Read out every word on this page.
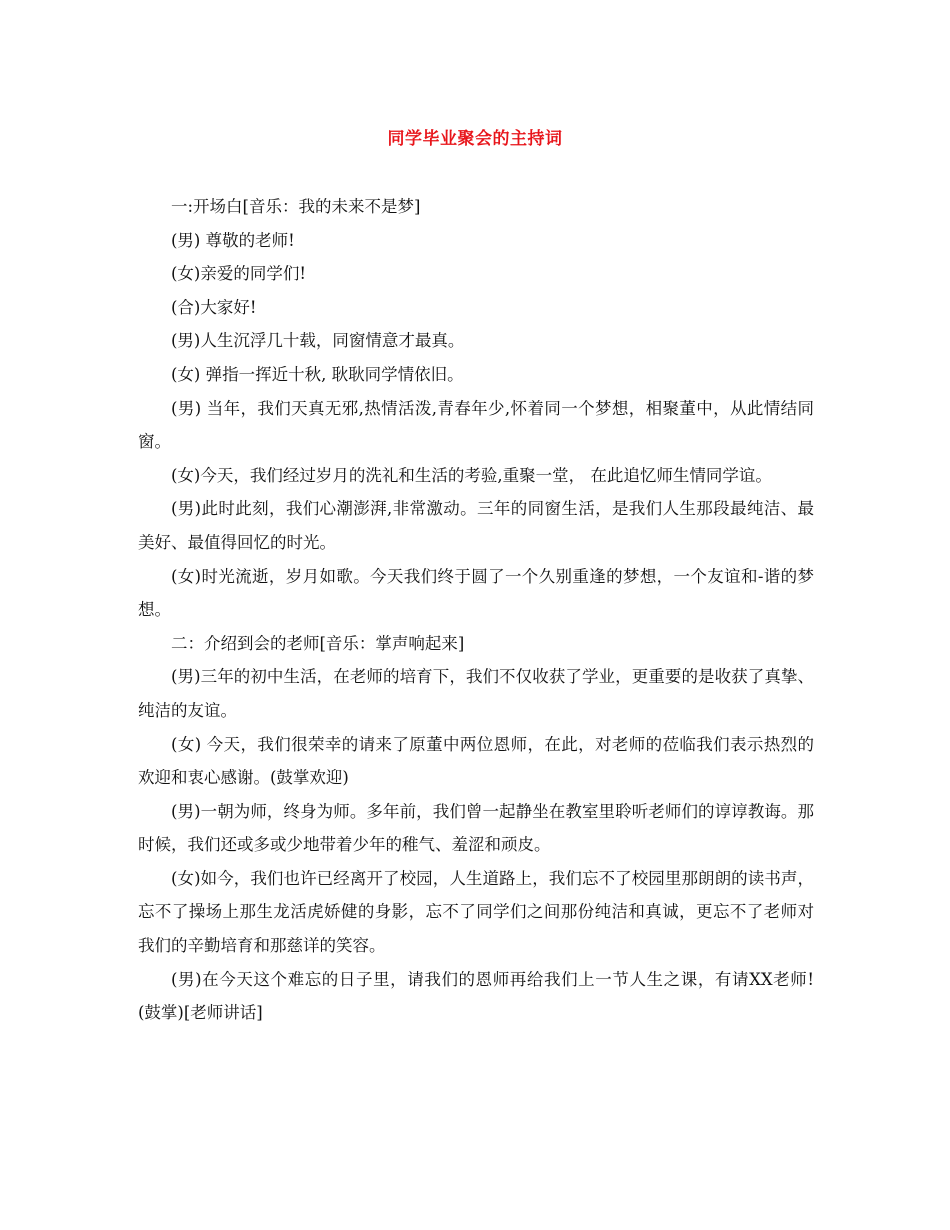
同学毕业聚会的主持词

一:开场白[音乐：我的未来不是梦]

(男) 尊敬的老师!

(女)亲爱的同学们!

(合)大家好!

(男)人生沉浮几十载，同窗情意才最真。

(女) 弹指一挥近十秋, 耿耿同学情依旧。

(男) 当年，我们天真无邪,热情活泼,青春年少,怀着同一个梦想，相聚董中，从此情结同窗。

(女)今天，我们经过岁月的洗礼和生活的考验,重聚一堂， 在此追忆师生情同学谊。

(男)此时此刻，我们心潮澎湃,非常激动。三年的同窗生活，是我们人生那段最纯洁、最美好、最值得回忆的时光。

(女)时光流逝，岁月如歌。今天我们终于圆了一个久别重逢的梦想，一个友谊和-谐的梦想。

二：介绍到会的老师[音乐：掌声响起来]

(男)三年的初中生活，在老师的培育下，我们不仅收获了学业，更重要的是收获了真挚、纯洁的友谊。

(女) 今天，我们很荣幸的请来了原董中两位恩师，在此，对老师的莅临我们表示热烈的欢迎和衷心感谢。(鼓掌欢迎)

(男)一朝为师，终身为师。多年前，我们曾一起静坐在教室里聆听老师们的谆谆教诲。那时候，我们还或多或少地带着少年的稚气、羞涩和顽皮。

(女)如今，我们也许已经离开了校园，人生道路上，我们忘不了校园里那朗朗的读书声，忘不了操场上那生龙活虎娇健的身影，忘不了同学们之间那份纯洁和真诚，更忘不了老师对我们的辛勤培育和那慈详的笑容。

(男)在今天这个难忘的日子里，请我们的恩师再给我们上一节人生之课，有请XX老师!(鼓掌)[老师讲话]
